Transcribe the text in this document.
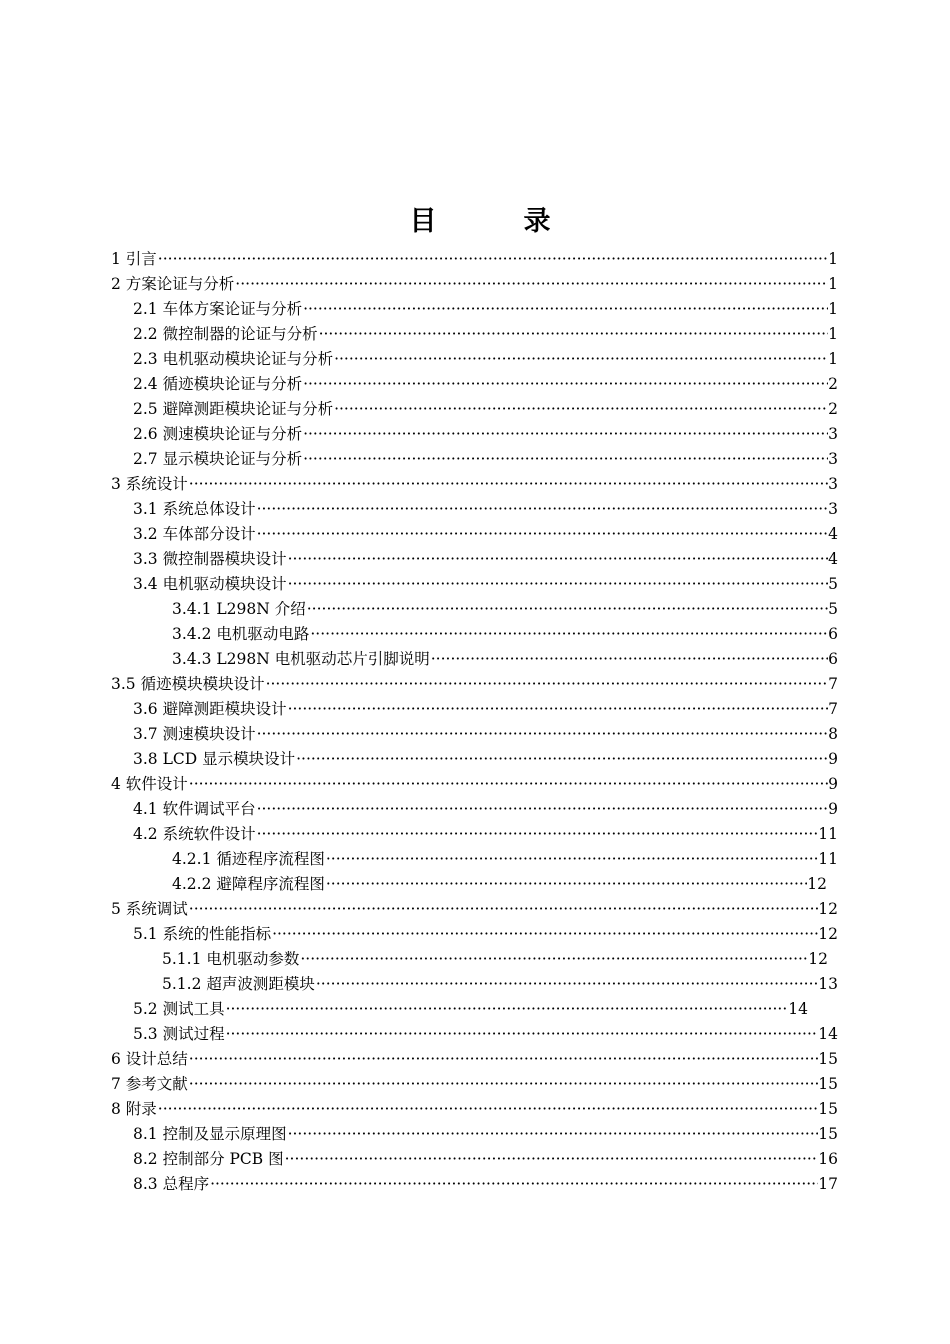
目　录
1 引言 ·····	1
2 方案论证与分析 ·····	1
2.1 车体方案论证与分析 ·····	1
2.2 微控制器的论证与分析 ·····	1
2.3 电机驱动模块论证与分析 ·····	1
2.4 循迹模块论证与分析 ·····	2
2.5 避障测距模块论证与分析 ·····	2
2.6 测速模块论证与分析 ·····	3
2.7 显示模块论证与分析 ·····	3
3 系统设计 ·····	3
3.1 系统总体设计 ·····	3
3.2 车体部分设计 ·····	4
3.3 微控制器模块设计 ·····	4
3.4 电机驱动模块设计 ·····	5
3.4.1 L298N 介绍 ·····	5
3.4.2 电机驱动电路 ·····	6
3.4.3 L298N 电机驱动芯片引脚说明 ·····	6
3.5 循迹模块模块设计 ·····	7
3.6 避障测距模块设计 ·····	7
3.7 测速模块设计 ·····	8
3.8 LCD 显示模块设计 ·····	9
4 软件设计 ·····	9
4.1 软件调试平台 ·····	9
4.2 系统软件设计 ·····	11
4.2.1 循迹程序流程图 ·····	11
4.2.2 避障程序流程图 ·····	12
5 系统调试 ·····	12
5.1 系统的性能指标 ·····	12
5.1.1 电机驱动参数 ·····	12
5.1.2 超声波测距模块 ·····	13
5.2 测试工具 ·····	14
5.3 测试过程 ·····	14
6 设计总结 ·····	15
7 参考文献 ·····	15
8 附录 ·····	15
8.1 控制及显示原理图 ·····	15
8.2 控制部分 PCB 图 ·····	16
8.3 总程序 ·····	17
